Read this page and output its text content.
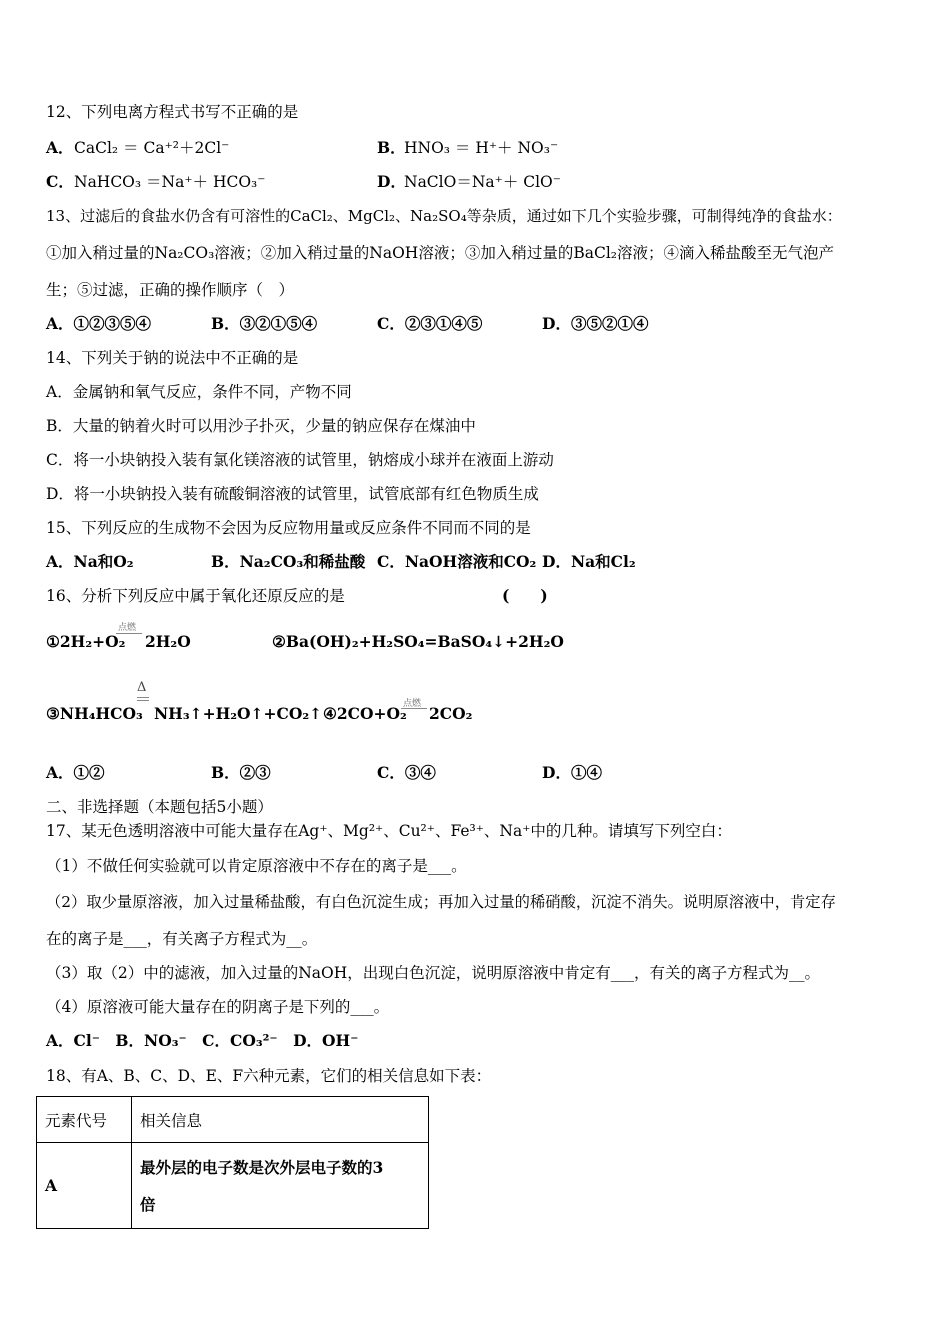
12、下列电离方程式书写不正确的是
A． CaCl₂ ＝ Ca⁺²＋2Cl⁻	B．
HNO₃ ＝ H⁺＋ NO₃⁻
C． NaHCO₃ ＝Na⁺＋ HCO₃⁻	D．
NaClO＝Na⁺＋ ClO⁻
13、过滤后的食盐水仍含有可溶性的CaCl₂、MgCl₂、Na₂SO₄等杂质，通过如下几个实验步骤，可制得纯净的食盐水：
①加入稍过量的Na₂CO₃溶液；②加入稍过量的NaOH溶液；③加入稍过量的BaCl₂溶液；④滴入稀盐酸至无气泡产
生；⑤过滤，正确的操作顺序（　）
A．①②③⑤④	B．③②①⑤④	C．②③①④⑤	D．③⑤②①④
14、下列关于钠的说法中不正确的是
A．金属钠和氧气反应，条件不同，产物不同
B．大量的钠着火时可以用沙子扑灭，少量的钠应保存在煤油中
C．将一小块钠投入装有氯化镁溶液的试管里，钠熔成小球并在液面上游动
D．将一小块钠投入装有硫酸铜溶液的试管里，试管底部有红色物质生成
15、下列反应的生成物不会因为反应物用量或反应条件不同而不同的是
A．Na和O₂	B．Na₂CO₃和稀盐酸 C．NaOH溶液和CO₂ D．Na和Cl₂
16、分析下列反应中属于氧化还原反应的是	(　　)
①2H₂+O₂
点燃
2H₂O	②Ba(OH)₂+H₂SO₄=BaSO₄↓+2H₂O
③NH₄HCO₃
Δ
NH₃↑+H₂O↑+CO₂↑ ④2CO+O₂
点燃 2CO₂
A．①②	B．②③	C．③④	D．①④
二、非选择题（本题包括5小题）
17、某无色透明溶液中可能大量存在Ag⁺、Mg²⁺、Cu²⁺、Fe³⁺、Na⁺中的几种。请填写下列空白：
（1）不做任何实验就可以肯定原溶液中不存在的离子是___。
（2）取少量原溶液，加入过量稀盐酸，有白色沉淀生成；再加入过量的稀硝酸，沉淀不消失。说明原溶液中，肯定存
在的离子是___，有关离子方程式为__。
（3）取（2）中的滤液，加入过量的NaOH，出现白色沉淀，说明原溶液中肯定有___，有关的离子方程式为__。
（4）原溶液可能大量存在的阴离子是下列的___。
A．Cl⁻　B．NO₃⁻　C．CO₃²⁻　D．OH⁻
18、有A、B、C、D、E、F六种元素，它们的相关信息如下表：
元素代号	相关信息
A	最外层的电子数是次外层电子数的3
倍
